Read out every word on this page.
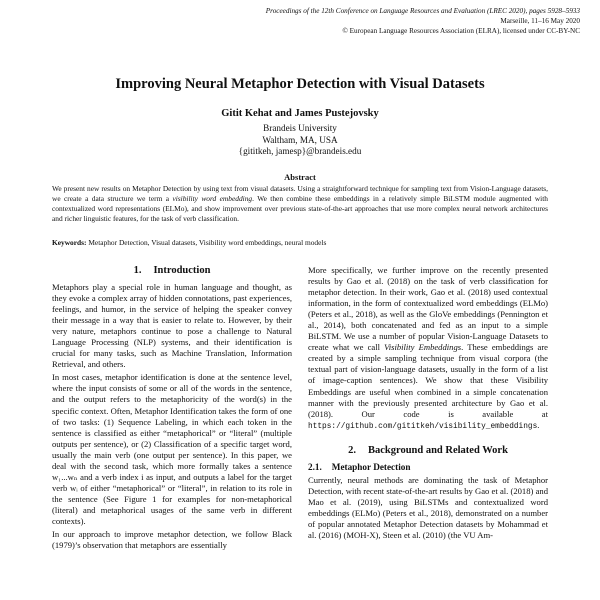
Proceedings of the 12th Conference on Language Resources and Evaluation (LREC 2020), pages 5928–5933
Marseille, 11–16 May 2020
© European Language Resources Association (ELRA), licensed under CC-BY-NC
Improving Neural Metaphor Detection with Visual Datasets
Gitit Kehat and James Pustejovsky
Brandeis University
Waltham, MA, USA
{gititkeh, jamesp}@brandeis.edu
Abstract
We present new results on Metaphor Detection by using text from visual datasets. Using a straightforward technique for sampling text from Vision-Language datasets, we create a data structure we term a visibility word embedding. We then combine these embeddings in a relatively simple BiLSTM module augmented with contextualized word representations (ELMo), and show improvement over previous state-of-the-art approaches that use more complex neural network architectures and richer linguistic features, for the task of verb classification.
Keywords: Metaphor Detection, Visual datasets, Visibility word embeddings, neural models
1. Introduction

Metaphors play a special role in human language and thought, as they evoke a complex array of hidden connotations, past experiences, feelings, and humor, in the service of helping the speaker convey their message in a way that is easier to relate to. However, by their very nature, metaphors continue to pose a challenge to Natural Language Processing (NLP) systems, and their identification is crucial for many tasks, such as Machine Translation, Information Retrieval, and others.

In most cases, metaphor identification is done at the sentence level, where the input consists of some or all of the words in the sentence, and the output refers to the metaphoricity of the word(s) in the specific context. Often, Metaphor Identification takes the form of one of two tasks: (1) Sequence Labeling, in which each token in the sentence is classified as either “metaphorical” or “literal” (multiple outputs per sentence), or (2) Classification of a specific target word, usually the main verb (one output per sentence). In this paper, we deal with the second task, which more formally takes a sentence w₁...wₙ and a verb index i as input, and outputs a label for the target verb wᵢ of either “metaphorical” or “literal”, in relation to its role in the sentence (See Figure 1 for examples for non-metaphorical (literal) and metaphorical usages of the same verb in different contexts).

In our approach to improve metaphor detection, we follow Black (1979)’s observation that metaphors are essentially

More specifically, we further improve on the recently presented results by Gao et al. (2018) on the task of verb classification for metaphor detection. In their work, Gao et al. (2018) used contextual information, in the form of contextualized word embeddings (ELMo) (Peters et al., 2018), as well as the GloVe embeddings (Pennington et al., 2014), both concatenated and fed as an input to a simple BiLSTM. We use a number of popular Vision-Language Datasets to create what we call Visibility Embeddings. These embeddings are created by a simple sampling technique from visual corpora (the textual part of vision-language datasets, usually in the form of a list of image-caption sentences). We show that these Visibility Embeddings are useful when combined in a simple concatenation manner with the previously presented architecture by Gao et al. (2018). Our code is available at https://github.com/gititkeh/visibility_embeddings.

2. Background and Related Work
2.1. Metaphor Detection

Currently, neural methods are dominating the task of Metaphor Detection, with recent state-of-the-art results by Gao et al. (2018) and Mao et al. (2019), using BiLSTMs and contextualized word embeddings (ELMo) (Peters et al., 2018), demonstrated on a number of popular annotated Metaphor Detection datasets by Mohammad et al. (2016) (MOH-X), Steen et al. (2010) (the VU Am-
